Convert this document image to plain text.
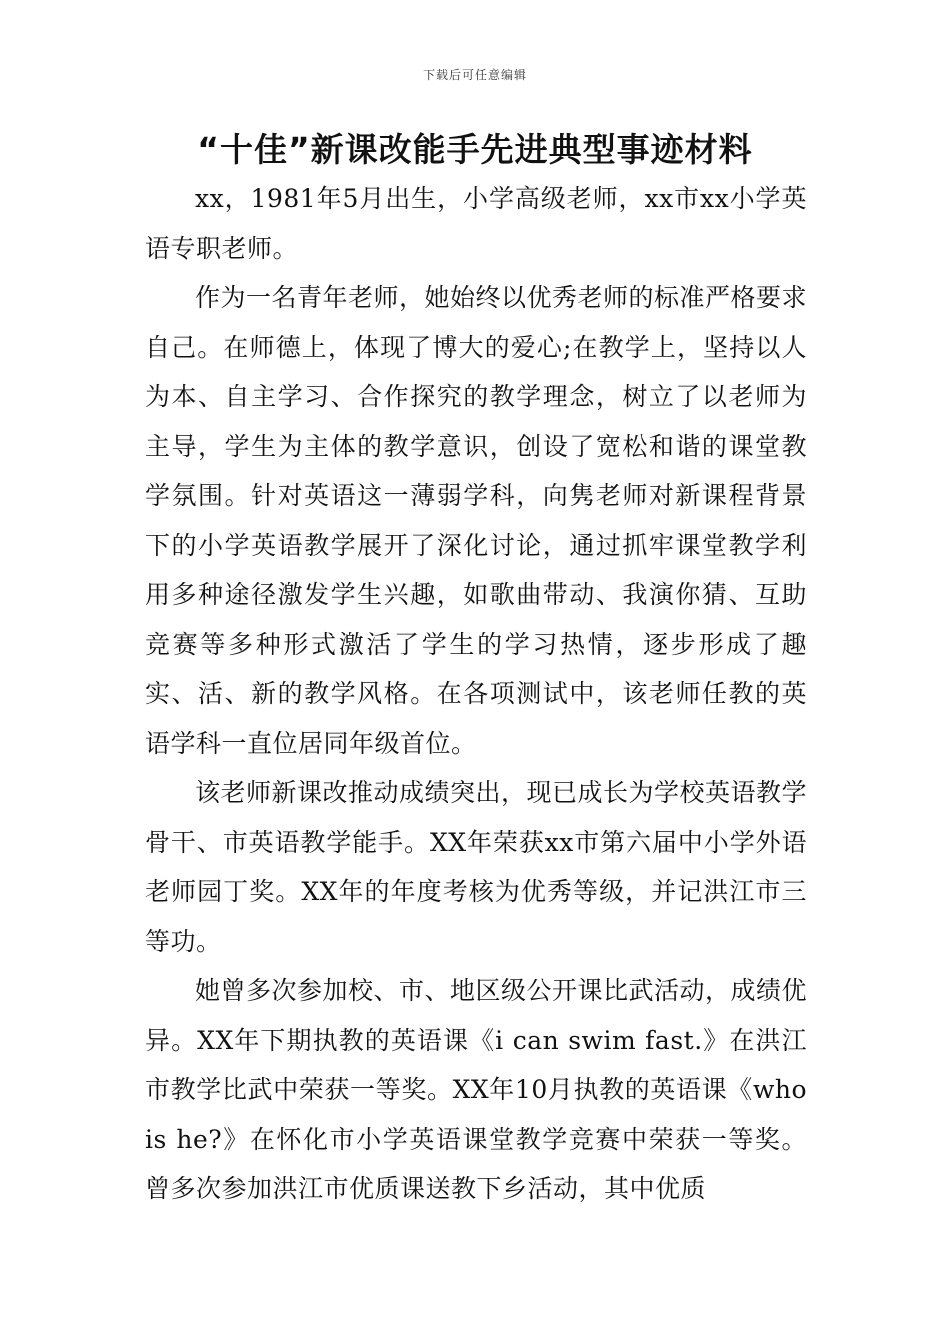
下载后可任意编辑
“十佳”新课改能手先进典型事迹材料

xx，1981年5月出生，小学高级老师，xx市xx小学英语专职老师。

作为一名青年老师，她始终以优秀老师的标准严格要求自己。在师德上，体现了博大的爱心;在教学上，坚持以人为本、自主学习、合作探究的教学理念，树立了以老师为主导，学生为主体的教学意识，创设了宽松和谐的课堂教学氛围。针对英语这一薄弱学科，向隽老师对新课程背景下的小学英语教学展开了深化讨论，通过抓牢课堂教学利用多种途径激发学生兴趣，如歌曲带动、我演你猜、互助竞赛等多种形式激活了学生的学习热情，逐步形成了趣实、活、新的教学风格。在各项测试中，该老师任教的英语学科一直位居同年级首位。

该老师新课改推动成绩突出，现已成长为学校英语教学骨干、市英语教学能手。XX年荣获xx市第六届中小学外语老师园丁奖。XX年的年度考核为优秀等级，并记洪江市三等功。

她曾多次参加校、市、地区级公开课比武活动，成绩优异。XX年下期执教的英语课《i can swim fast.》在洪江市教学比武中荣获一等奖。XX年10月执教的英语课《who is he?》在怀化市小学英语课堂教学竞赛中荣获一等奖。曾多次参加洪江市优质课送教下乡活动，其中优质
